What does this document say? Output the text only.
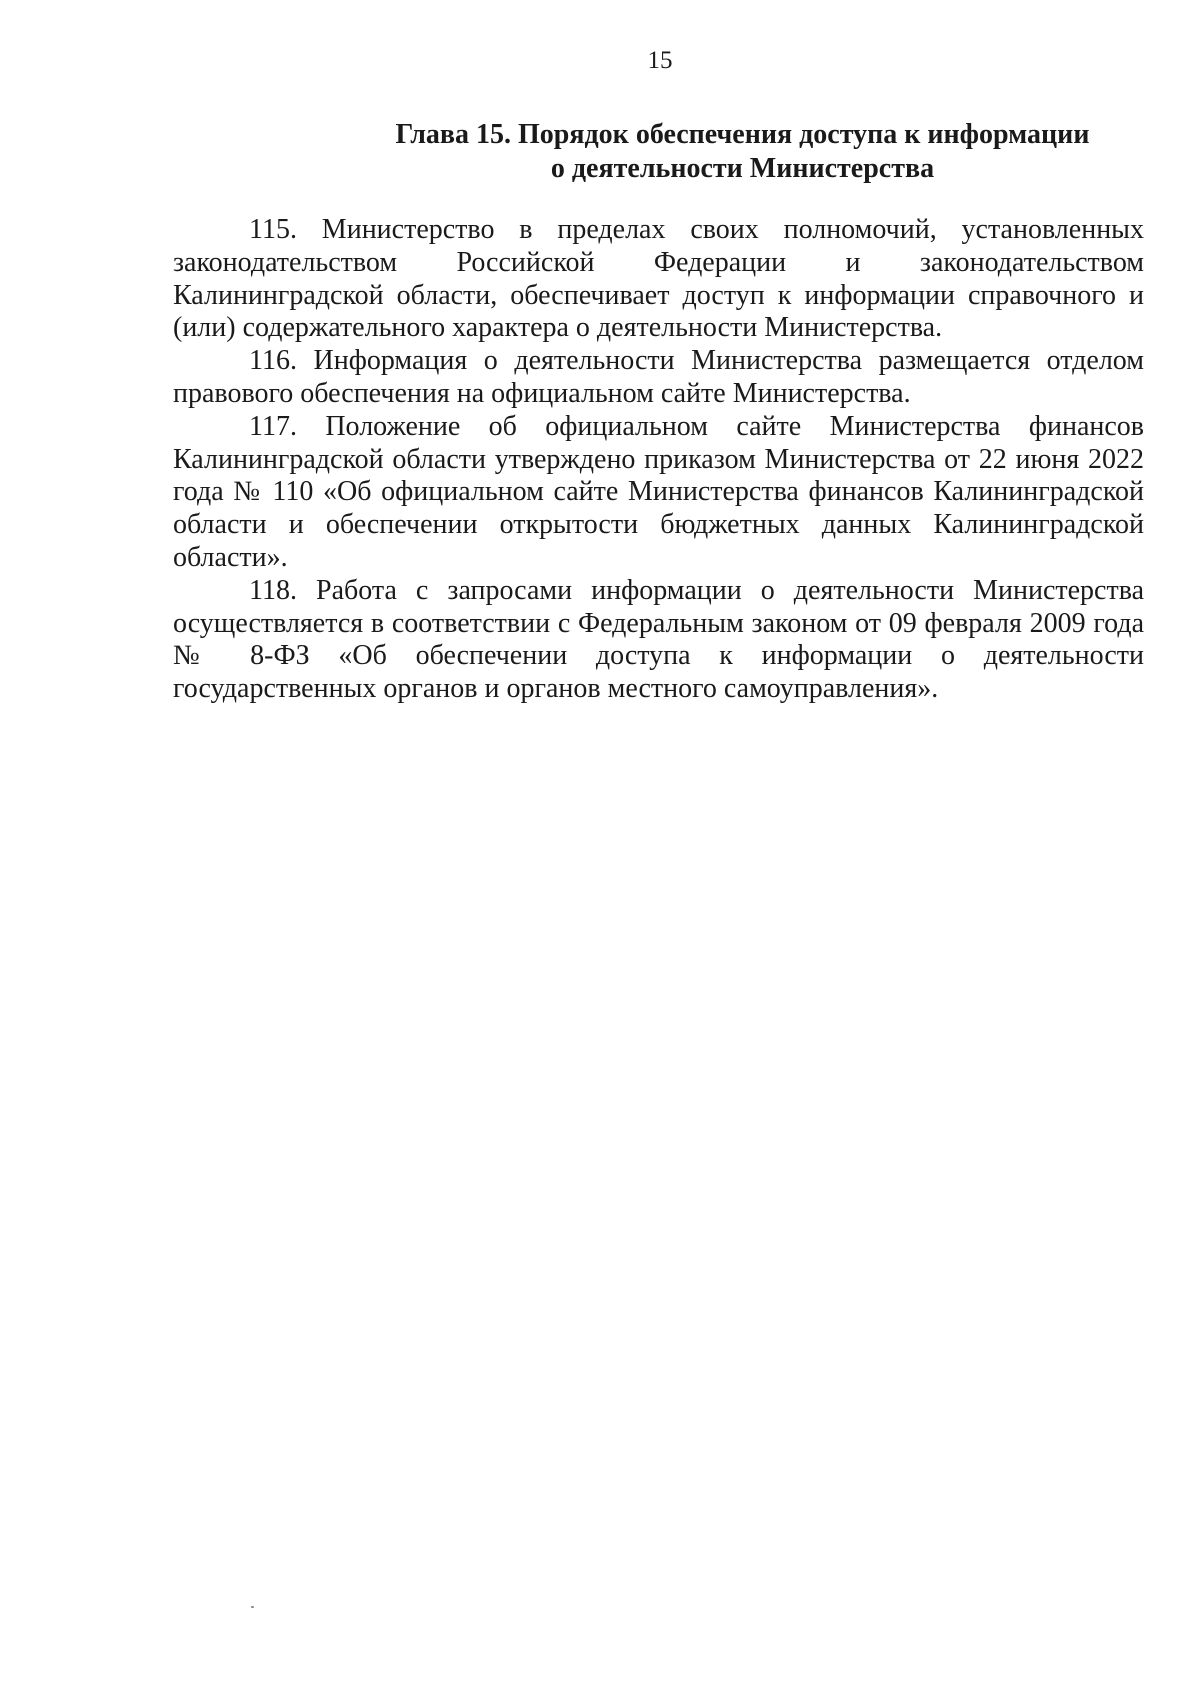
15
Глава 15. Порядок обеспечения доступа к информации
о деятельности Министерства

115. Министерство в пределах своих полномочий, установленных законодательством Российской Федерации и законодательством Калининградской области, обеспечивает доступ к информации справочного и (или) содержательного характера о деятельности Министерства.

116. Информация о деятельности Министерства размещается отделом правового обеспечения на официальном сайте Министерства.

117. Положение об официальном сайте Министерства финансов Калининградской области утверждено приказом Министерства от 22 июня 2022 года № 110 «Об официальном сайте Министерства финансов Калининградской области и обеспечении открытости бюджетных данных Калининградской области».

118. Работа с запросами информации о деятельности Министерства осуществляется в соответствии с Федеральным законом от 09 февраля 2009 года № 8-ФЗ «Об обеспечении доступа к информации о деятельности государственных органов и органов местного самоуправления».
